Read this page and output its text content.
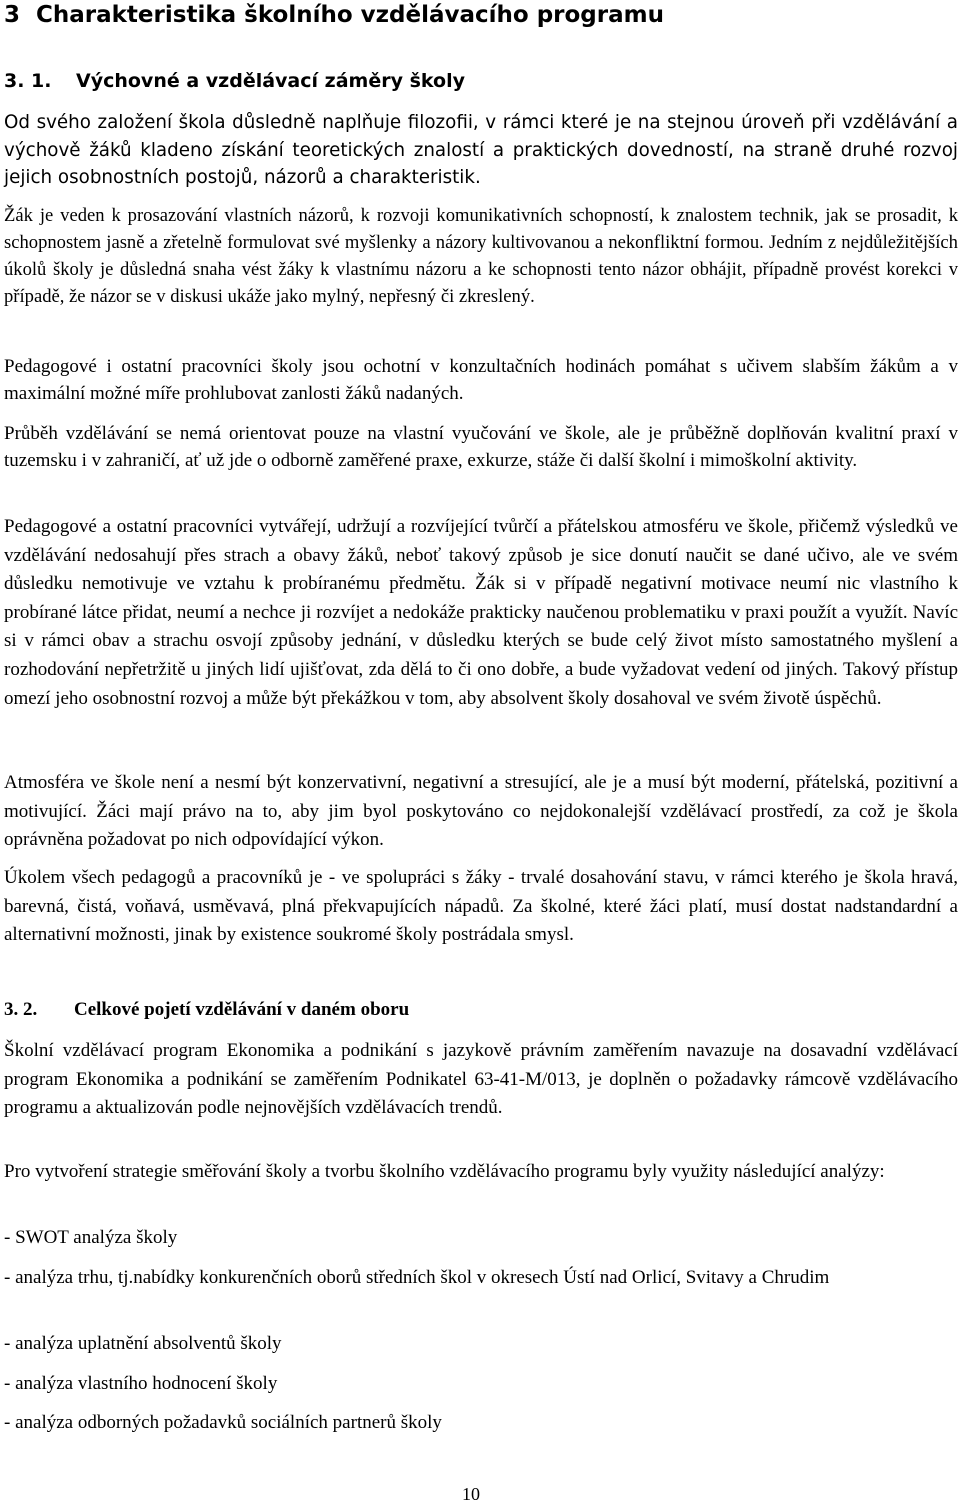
3 Charakteristika školního vzdělávacího programu
3. 1. Výchovné a vzdělávací záměry školy

Od svého založení škola důsledně naplňuje filozofii, v rámci které je na stejnou úroveň při vzdělávání a výchově žáků kladeno získání teoretických znalostí a praktických dovedností, na straně druhé rozvoj jejich osobnostních postojů, názorů a charakteristik.

Žák je veden k prosazování vlastních názorů, k rozvoji komunikativních schopností, k znalostem technik, jak se prosadit, k schopnostem jasně a zřetelně formulovat své myšlenky a názory kultivovanou a nekonfliktní formou. Jedním z nejdůležitějších úkolů školy je důsledná snaha vést žáky k vlastnímu názoru a ke schopnosti tento názor obhájit, případně provést korekci v případě, že názor se v diskusi ukáže jako mylný, nepřesný či zkreslený.

Pedagogové i ostatní pracovníci školy jsou ochotní v konzultačních hodinách pomáhat s učivem slabším žákům a v maximální možné míře prohlubovat zanlosti žáků nadaných.

Průběh vzdělávání se nemá orientovat pouze na vlastní vyučování ve škole, ale je průběžně doplňován kvalitní praxí v tuzemsku i v zahraničí, ať už jde o odborně zaměřené praxe, exkurze, stáže či další školní i mimoškolní aktivity.

Pedagogové a ostatní pracovníci vytvářejí, udržují a rozvíjející tvůrčí a přátelskou atmosféru ve škole, přičemž výsledků ve vzdělávání nedosahují přes strach a obavy žáků, neboť takový způsob je sice donutí naučit se dané učivo, ale ve svém důsledku nemotivuje ve vztahu k probíranému předmětu. Žák si v případě negativní motivace neumí nic vlastního k probírané látce přidat, neumí a nechce ji rozvíjet a nedokáže prakticky naučenou problematiku v praxi použít a využít. Navíc si v rámci obav a strachu osvojí způsoby jednání, v důsledku kterých se bude celý život místo samostatného myšlení a rozhodování nepřetržitě u jiných lidí ujišťovat, zda dělá to či ono dobře, a bude vyžadovat vedení od jiných. Takový přístup omezí jeho osobnostní rozvoj a může být překážkou v tom, aby absolvent školy dosahoval ve svém životě úspěchů.

Atmosféra ve škole není a nesmí být konzervativní, negativní a stresující, ale je a musí být moderní, přátelská, pozitivní a motivující. Žáci mají právo na to, aby jim byol poskytováno co nejdokonalejší vzdělávací prostředí, za což je škola oprávněna požadovat po nich odpovídající výkon.

Úkolem všech pedagogů a pracovníků je - ve spolupráci s žáky - trvalé dosahování stavu, v rámci kterého je škola hravá, barevná, čistá, voňavá, usměvavá, plná překvapujících nápadů. Za školné, které žáci platí, musí dostat nadstandardní a alternativní možnosti, jinak by existence soukromé školy postrádala smysl.

3. 2. Celkové pojetí vzdělávání v daném oboru

Školní vzdělávací program Ekonomika a podnikání s jazykově právním zaměřením navazuje na dosavadní vzdělávací program Ekonomika a podnikání se zaměřením Podnikatel 63-41-M/013, je doplněn o požadavky rámcově vzdělávacího programu a aktualizován podle nejnovějších vzdělávacích trendů.

Pro vytvoření strategie směřování školy a tvorbu školního vzdělávacího programu byly využity následující analýzy:

- SWOT analýza školy

- analýza trhu, tj.nabídky konkurenčních oborů středních škol v okresech Ústí nad Orlicí, Svitavy a Chrudim

- analýza uplatnění absolventů školy
- analýza vlastního hodnocení školy
- analýza odborných požadavků sociálních partnerů školy
10
